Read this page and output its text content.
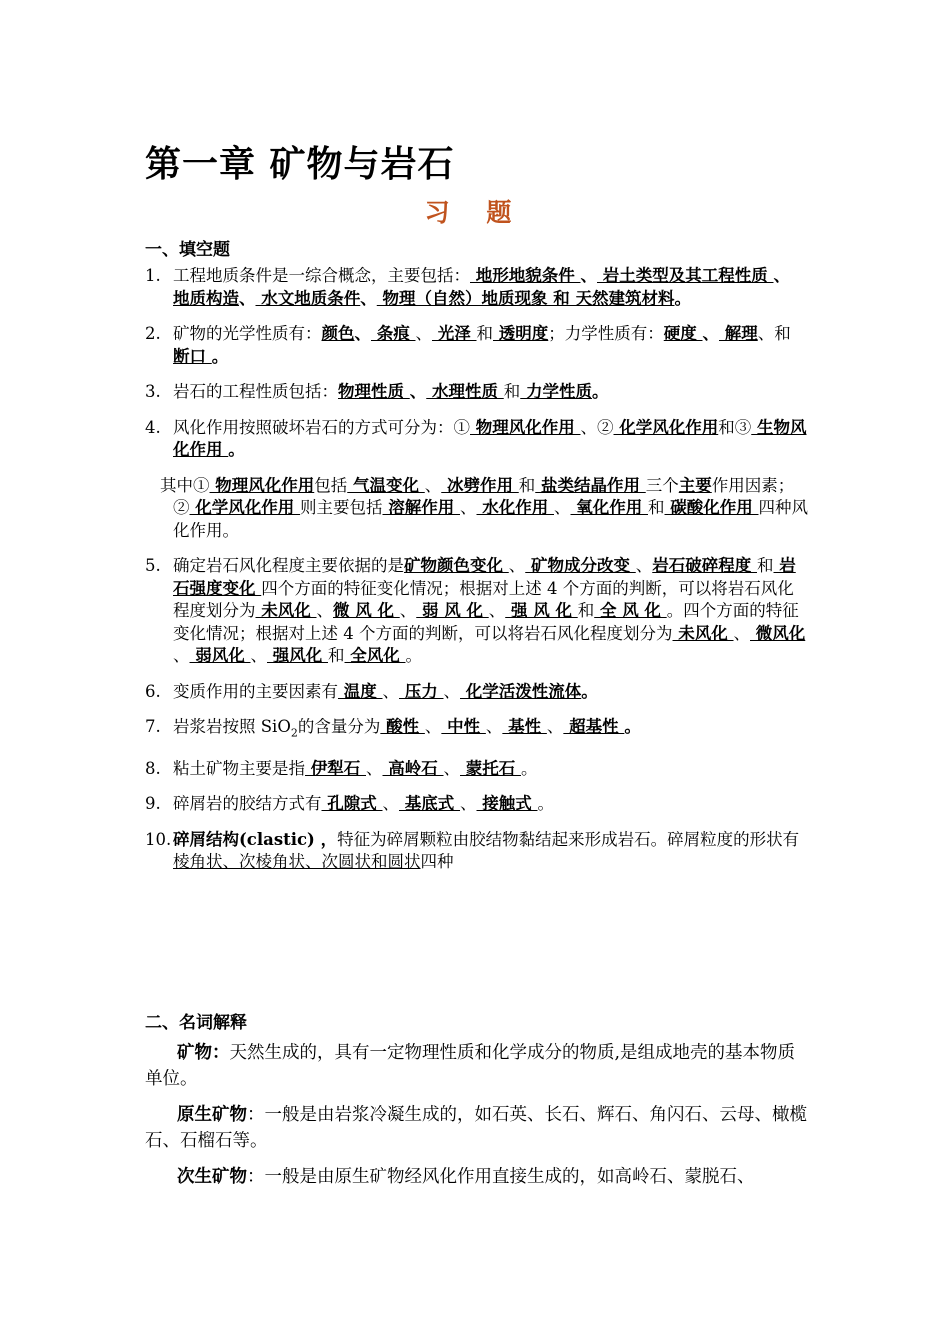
第一章 矿物与岩石
习 题
一、填空题
1. 工程地质条件是一综合概念，主要包括： 地形地貌条件 、 岩土类型及其工程性质 、 地质构造、 水文地质条件、 物理（自然）地质现象 和 天然建筑材料。
2. 矿物的光学性质有：颜色、 条痕 、 光泽 和 透明度；力学性质有：硬度 、 解理、和 断口 。
3. 岩石的工程性质包括：物理性质 、 水理性质 和 力学性质。
4. 风化作用按照破坏岩石的方式可分为：① 物理风化作用 、② 化学风化作用和③ 生物风化作用 。
其中① 物理风化作用包括 气温变化 、 冰劈作用 和 盐类结晶作用 三个主要作用因素；② 化学风化作用 则主要包括 溶解作用 、 水化作用 、 氧化作用 和 碳酸化作用 四种风化作用。
5. 确定岩石风化程度主要依据的是矿物颜色变化 、 矿物成分改变 、岩石破碎程度 和 岩石强度变化 四个方面的特征变化情况；根据对上述 4 个方面的判断，可以将岩石风化程度划分为 未风化 、微 风 化 、 弱 风 化 、 强 风 化 和 全 风 化 。四个方面的特征变化情况；根据对上述 4 个方面的判断，可以将岩石风化程度划分为 未风化 、 微风化 、 弱风化 、 强风化 和 全风化 。
6. 变质作用的主要因素有 温度 、 压力 、 化学活泼性流体。
7. 岩浆岩按照 SiO$_2$的含量分为 酸性 、 中性 、 基性 、 超基性 。
8. 粘土矿物主要是指 伊犁石 、 高岭石 、 蒙托石 。
9. 碎屑岩的胶结方式有 孔隙式 、 基底式 、 接触式 。
10. 碎屑结构(clastic) ，特征为碎屑颗粒由胶结物黏结起来形成岩石。碎屑粒度的形状有棱角状、次棱角状、次圆状和圆状四种
二、名词解释
矿物：天然生成的，具有一定物理性质和化学成分的物质,是组成地壳的基本物质单位。
原生矿物：一般是由岩浆冷凝生成的，如石英、长石、辉石、角闪石、云母、橄榄石、石榴石等。
次生矿物：一般是由原生矿物经风化作用直接生成的，如高岭石、蒙脱石、
